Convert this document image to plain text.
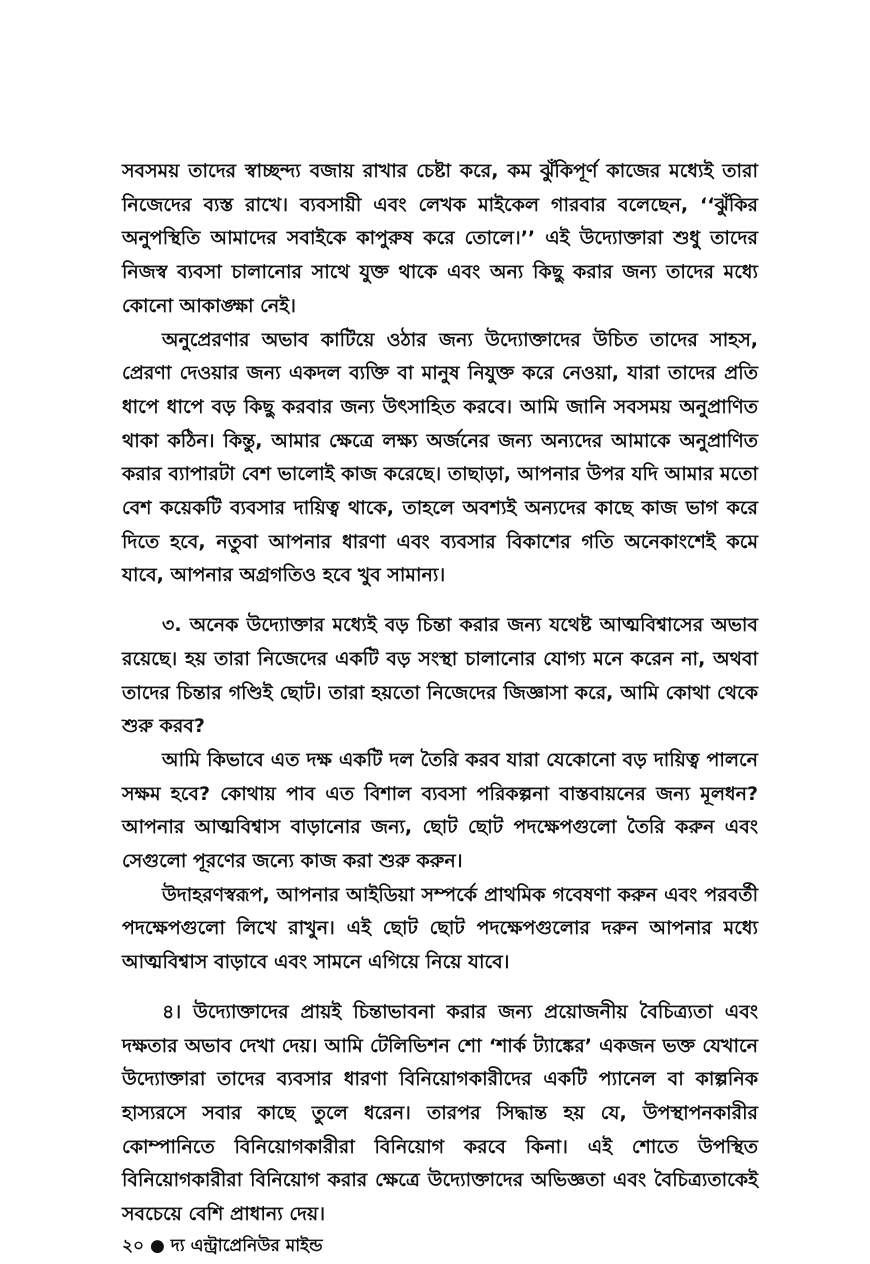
সবসময় তাদের স্বাচ্ছন্দ্য বজায় রাখার চেষ্টা করে, কম ঝুঁকিপূর্ণ কাজের মধ্যেই তারা নিজেদের ব্যস্ত রাখে। ব্যবসায়ী এবং লেখক মাইকেল গারবার বলেছেন, ‘‘ঝুঁকির অনুপস্থিতি আমাদের সবাইকে কাপুরুষ করে তোলে।’’ এই উদ্যোক্তারা শুধু তাদের নিজস্ব ব্যবসা চালানোর সাথে যুক্ত থাকে এবং অন্য কিছু করার জন্য তাদের মধ্যে কোনো আকাঙ্ক্ষা নেই।

অনুপ্রেরণার অভাব কাটিয়ে ওঠার জন্য উদ্যোক্তাদের উচিত তাদের সাহস, প্রেরণা দেওয়ার জন্য একদল ব্যক্তি বা মানুষ নিযুক্ত করে নেওয়া, যারা তাদের প্রতি ধাপে ধাপে বড় কিছু করবার জন্য উৎসাহিত করবে। আমি জানি সবসময় অনুপ্রাণিত থাকা কঠিন। কিন্তু, আমার ক্ষেত্রে লক্ষ্য অর্জনের জন্য অন্যদের আমাকে অনুপ্রাণিত করার ব্যাপারটা বেশ ভালোই কাজ করেছে। তাছাড়া, আপনার উপর যদি আমার মতো বেশ কয়েকটি ব্যবসার দায়িত্ব থাকে, তাহলে অবশ্যই অন্যদের কাছে কাজ ভাগ করে দিতে হবে, নতুবা আপনার ধারণা এবং ব্যবসার বিকাশের গতি অনেকাংশেই কমে যাবে, আপনার অগ্রগতিও হবে খুব সামান্য।

৩. অনেক উদ্যোক্তার মধ্যেই বড় চিন্তা করার জন্য যথেষ্ট আত্মবিশ্বাসের অভাব রয়েছে। হয় তারা নিজেদের একটি বড় সংস্থা চালানোর যোগ্য মনে করেন না, অথবা তাদের চিন্তার গণ্ডিই ছোট। তারা হয়তো নিজেদের জিজ্ঞাসা করে, আমি কোথা থেকে শুরু করব?

আমি কিভাবে এত দক্ষ একটি দল তৈরি করব যারা যেকোনো বড় দায়িত্ব পালনে সক্ষম হবে? কোথায় পাব এত বিশাল ব্যবসা পরিকল্পনা বাস্তবায়নের জন্য মূলধন? আপনার আত্মবিশ্বাস বাড়ানোর জন্য, ছোট ছোট পদক্ষেপগুলো তৈরি করুন এবং সেগুলো পূরণের জন্যে কাজ করা শুরু করুন।

উদাহরণস্বরূপ, আপনার আইডিয়া সম্পর্কে প্রাথমিক গবেষণা করুন এবং পরবর্তী পদক্ষেপগুলো লিখে রাখুন। এই ছোট ছোট পদক্ষেপগুলোর দরুন আপনার মধ্যে আত্মবিশ্বাস বাড়াবে এবং সামনে এগিয়ে নিয়ে যাবে।

৪। উদ্যোক্তাদের প্রায়ই চিন্তাভাবনা করার জন্য প্রয়োজনীয় বৈচিত্র্যতা এবং দক্ষতার অভাব দেখা দেয়। আমি টেলিভিশন শো ‘শার্ক ট্যাঙ্কের’ একজন ভক্ত যেখানে উদ্যোক্তারা তাদের ব্যবসার ধারণা বিনিয়োগকারীদের একটি প্যানেল বা কাল্পনিক হাস্যরসে সবার কাছে তুলে ধরেন। তারপর সিদ্ধান্ত হয় যে, উপস্থাপনকারীর কোম্পানিতে বিনিয়োগকারীরা বিনিয়োগ করবে কিনা। এই শোতে উপস্থিত বিনিয়োগকারীরা বিনিয়োগ করার ক্ষেত্রে উদ্যোক্তাদের অভিজ্ঞতা এবং বৈচিত্র্যতাকেই সবচেয়ে বেশি প্রাধান্য দেয়।

২০ ● দ্য এন্ট্রাপ্রেনিউর মাইন্ড
